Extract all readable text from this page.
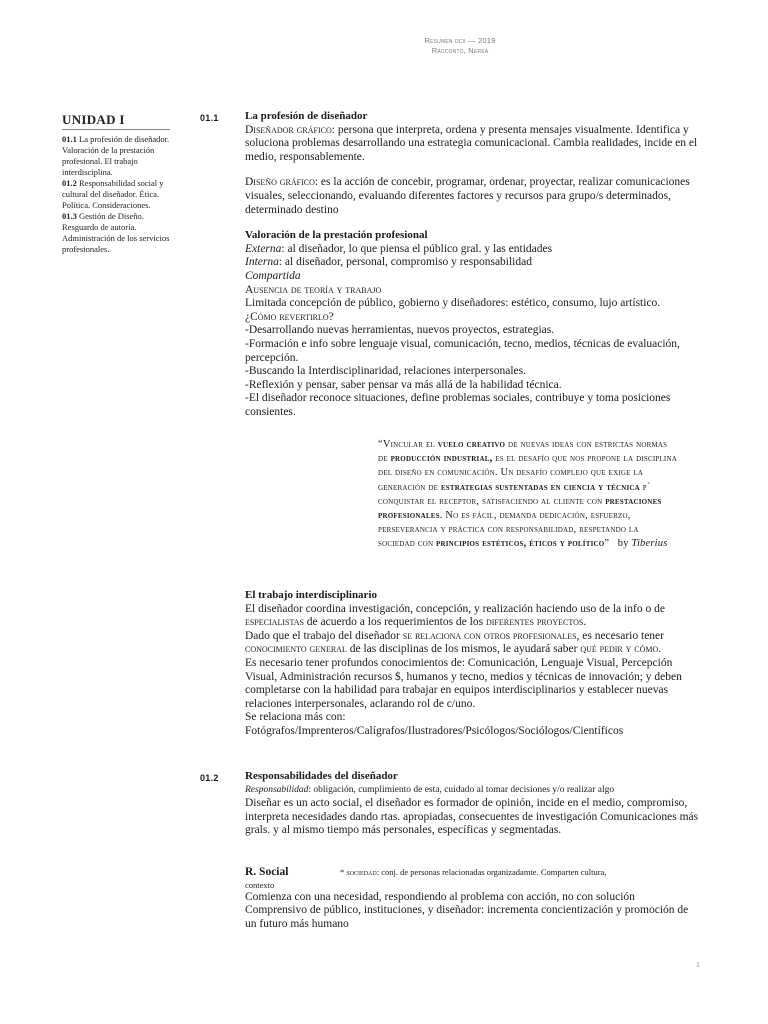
Resumen dcii — 2019
Racconto, Nerea
UNIDAD I
01.1 La profesión de diseñador. Valoración de la prestación profesional. El trabajo interdisciplina.
01.2 Responsabilidad social y cultural del diseñador. Ética. Política. Consideraciones.
01.3 Gestión de Diseño. Resguardo de autoría. Administración de los servicios profesionales.
01.1 La profesión de diseñador

Diseñador gráfico: persona que interpreta, ordena y presenta mensajes visualmente. Identifica y soluciona problemas desarrollando una estrategia comunicacional. Cambia realidades, incide en el medio, responsablemente.

Diseño gráfico: es la acción de concebir, programar, ordenar, proyectar, realizar comunicaciones visuales, seleccionando, evaluando diferentes factores y recursos para grupo/s determinados, determinado destino

Valoración de la prestación profesional

Externa: al diseñador, lo que piensa el público gral. y las entidades

Interna: al diseñador, personal, compromiso y responsabilidad

Compartida

Ausencia de teoría y trabajo

Limitada concepción de público, gobierno y diseñadores: estético, consumo, lujo artístico.

¿Cómo revertirlo?

-Desarrollando nuevas herramientas, nuevos proyectos, estrategias.

-Formación e info sobre lenguaje visual, comunicación, tecno, medios, técnicas de evaluación, percepción.

-Buscando la Interdisciplinaridad, relaciones interpersonales.

-Reflexión y pensar, saber pensar va más allá de la habilidad técnica.

-El diseñador reconoce situaciones, define problemas sociales, contribuye y toma posiciones consientes.

“Vincular el vuelo creativo de nuevas ideas con estrictas normas de producción industrial, es el desafío que nos propone la disciplina del diseño en comunicación. Un desafío complejo que exige la generación de estrategias sustentadas en ciencia y técnica p´ conquistar el receptor, satisfaciendo al cliente con prestaciones profesionales. No es fácil, demanda dedicación, esfuerzo, perseverancia y práctica con responsabilidad, respetando la sociedad con principios estéticos, éticos y político” by Tiberius

El trabajo interdisciplinario

El diseñador coordina investigación, concepción, y realización haciendo uso de la info o de especialistas de acuerdo a los requerimientos de los diferentes proyectos.

Dado que el trabajo del diseñador se relaciona con otros profesionales, es necesario tener conocimiento general de las disciplinas de los mismos, le ayudará saber qué pedir y cómo.

Es necesario tener profundos conocimientos de: Comunicación, Lenguaje Visual, Percepción Visual, Administración recursos $, humanos y tecno, medios y técnicas de innovación; y deben completarse con la habilidad para trabajar en equipos interdisciplinarios y establecer nuevas relaciones interpersonales, aclarando rol de c/uno.

Se relaciona más con:

Fotógrafos/Imprenteros/Calígrafos/Ilustradores/Psicólogos/Sociólogos/Científicos

01.2 Responsabilidades del diseñador

Responsabilidad: obligación, cumplimiento de esta, cuidado al tomar decisiones y/o realizar algo

Diseñar es un acto social, el diseñador es formador de opinión, incide en el medio, compromiso, interpreta necesidades dando rtas. apropiadas, consecuentes de investigación Comunicaciones más grals. y al mismo tiempo más personales, específicas y segmentadas.

R. Social	* sociedad: conj. de personas relacionadas organizadamte. Comparten cultura,

contexto

Comienza con una necesidad, respondiendo al problema con acción, no con solución

Comprensivo de público, instituciones, y diseñador: incrementa concientización y promoción de un futuro más humano

1
